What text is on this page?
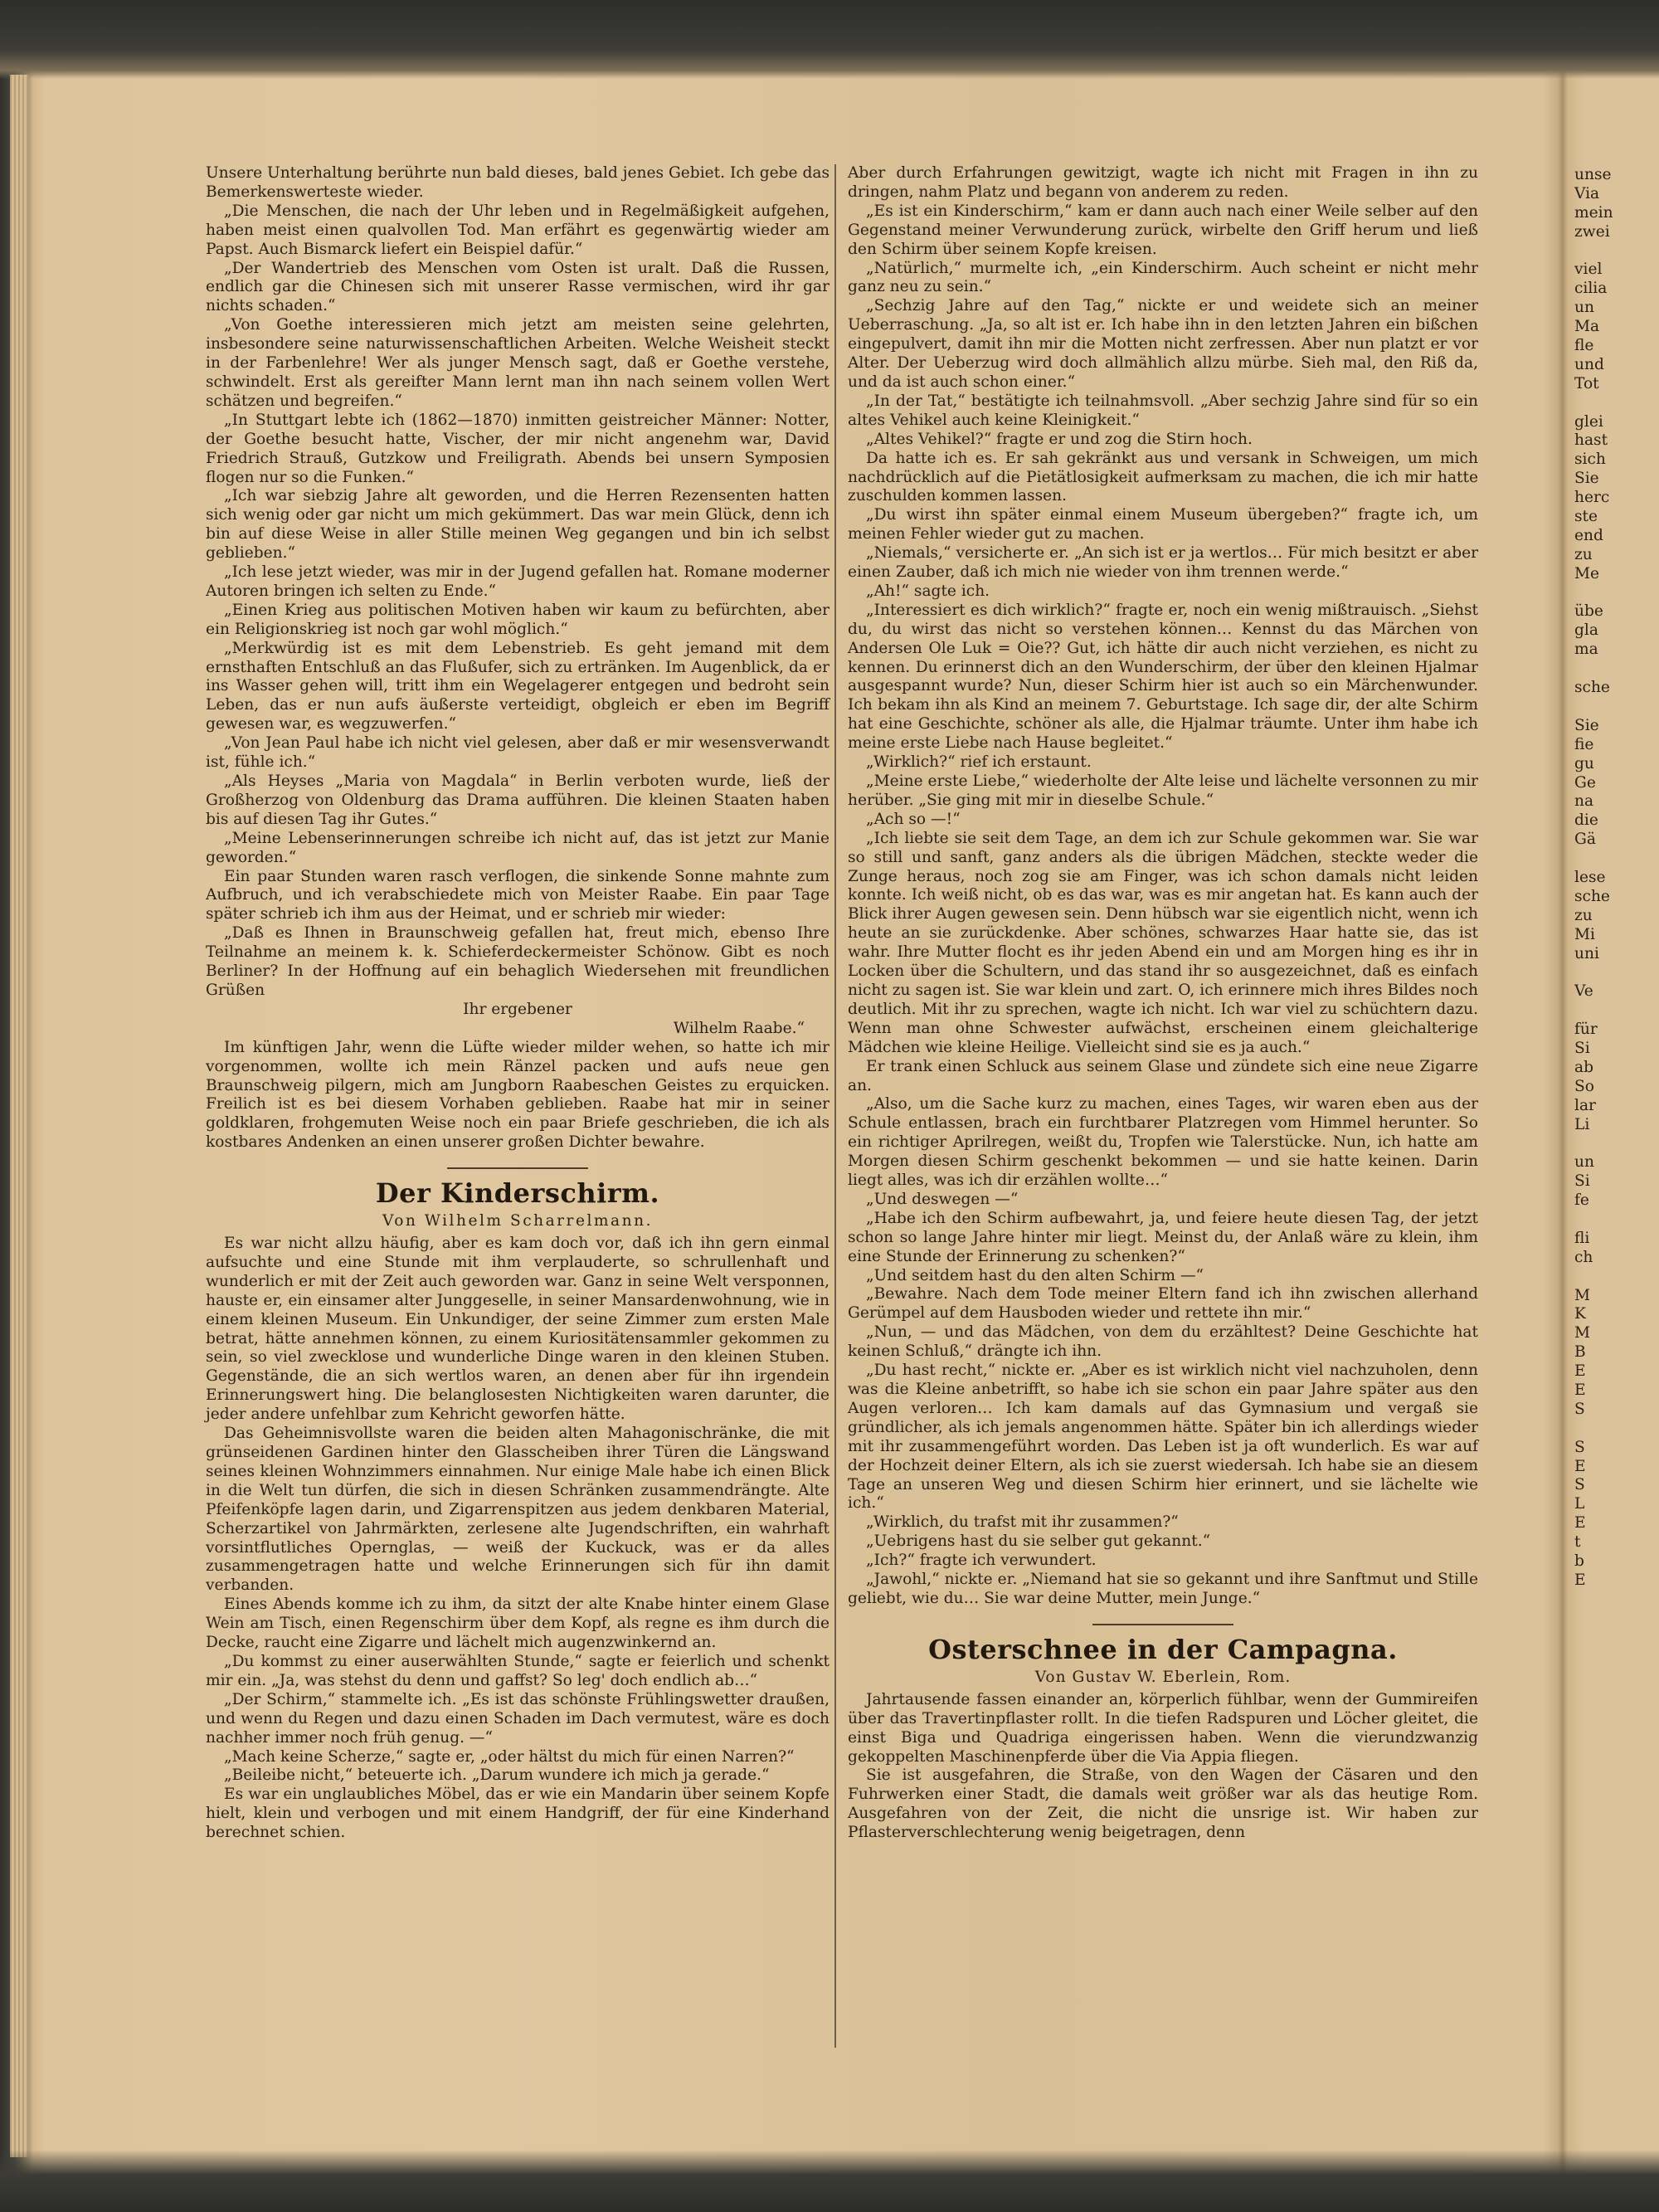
Unsere Unterhaltung berührte nun bald dieses, bald jenes Gebiet. Ich gebe das Bemerkenswerteste wieder.

„Die Menschen, die nach der Uhr leben und in Regelmäßigkeit aufgehen, haben meist einen qualvollen Tod. Man erfährt es gegenwärtig wieder am Papst. Auch Bismarck liefert ein Beispiel dafür.“

„Der Wandertrieb des Menschen vom Osten ist uralt. Daß die Russen, endlich gar die Chinesen sich mit unserer Rasse vermischen, wird ihr gar nichts schaden.“

„Von Goethe interessieren mich jetzt am meisten seine gelehrten, insbesondere seine naturwissenschaftlichen Arbeiten. Welche Weisheit steckt in der Farbenlehre! Wer als junger Mensch sagt, daß er Goethe verstehe, schwindelt. Erst als gereifter Mann lernt man ihn nach seinem vollen Wert schätzen und begreifen.“

„In Stuttgart lebte ich (1862—1870) inmitten geistreicher Männer: Notter, der Goethe besucht hatte, Vischer, der mir nicht angenehm war, David Friedrich Strauß, Gutzkow und Freiligrath. Abends bei unsern Symposien flogen nur so die Funken.“

„Ich war siebzig Jahre alt geworden, und die Herren Rezensenten hatten sich wenig oder gar nicht um mich gekümmert. Das war mein Glück, denn ich bin auf diese Weise in aller Stille meinen Weg gegangen und bin ich selbst geblieben.“

„Ich lese jetzt wieder, was mir in der Jugend gefallen hat. Romane moderner Autoren bringen ich selten zu Ende.“

„Einen Krieg aus politischen Motiven haben wir kaum zu befürchten, aber ein Religionskrieg ist noch gar wohl möglich.“

„Merkwürdig ist es mit dem Lebenstrieb. Es geht jemand mit dem ernsthaften Entschluß an das Flußufer, sich zu ertränken. Im Augenblick, da er ins Wasser gehen will, tritt ihm ein Wegelagerer entgegen und bedroht sein Leben, das er nun aufs äußerste verteidigt, obgleich er eben im Begriff gewesen war, es wegzuwerfen.“

„Von Jean Paul habe ich nicht viel gelesen, aber daß er mir wesensverwandt ist, fühle ich.“

„Als Heyses „Maria von Magdala“ in Berlin verboten wurde, ließ der Großherzog von Oldenburg das Drama aufführen. Die kleinen Staaten haben bis auf diesen Tag ihr Gutes.“

„Meine Lebenserinnerungen schreibe ich nicht auf, das ist jetzt zur Manie geworden.“

Ein paar Stunden waren rasch verflogen, die sinkende Sonne mahnte zum Aufbruch, und ich verabschiedete mich von Meister Raabe. Ein paar Tage später schrieb ich ihm aus der Heimat, und er schrieb mir wieder:

„Daß es Ihnen in Braunschweig gefallen hat, freut mich, ebenso Ihre Teilnahme an meinem k. k. Schieferdeckermeister Schönow. Gibt es noch Berliner? In der Hoffnung auf ein behaglich Wiedersehen mit freundlichen Grüßen

Ihr ergebener

Wilhelm Raabe.“

Im künftigen Jahr, wenn die Lüfte wieder milder wehen, so hatte ich mir vorgenommen, wollte ich mein Ränzel packen und aufs neue gen Braunschweig pilgern, mich am Jungborn Raabeschen Geistes zu erquicken. Freilich ist es bei diesem Vorhaben geblieben. Raabe hat mir in seiner goldklaren, frohgemuten Weise noch ein paar Briefe geschrieben, die ich als kostbares Andenken an einen unserer großen Dichter bewahre.

Der Kinderschirm.

Von Wilhelm Scharrelmann.

Es war nicht allzu häufig, aber es kam doch vor, daß ich ihn gern einmal aufsuchte und eine Stunde mit ihm verplauderte, so schrullenhaft und wunderlich er mit der Zeit auch geworden war. Ganz in seine Welt versponnen, hauste er, ein einsamer alter Junggeselle, in seiner Mansardenwohnung, wie in einem kleinen Museum. Ein Unkundiger, der seine Zimmer zum ersten Male betrat, hätte annehmen können, zu einem Kuriositätensammler gekommen zu sein, so viel zwecklose und wunderliche Dinge waren in den kleinen Stuben. Gegenstände, die an sich wertlos waren, an denen aber für ihn irgendein Erinnerungswert hing. Die belanglosesten Nichtigkeiten waren darunter, die jeder andere unfehlbar zum Kehricht geworfen hätte.

Das Geheimnisvollste waren die beiden alten Mahagonischränke, die mit grünseidenen Gardinen hinter den Glasscheiben ihrer Türen die Längswand seines kleinen Wohnzimmers einnahmen. Nur einige Male habe ich einen Blick in die Welt tun dürfen, die sich in diesen Schränken zusammendrängte. Alte Pfeifenköpfe lagen darin, und Zigarrenspitzen aus jedem denkbaren Material, Scherzartikel von Jahrmärkten, zerlesene alte Jugendschriften, ein wahrhaft vorsintflutliches Opernglas, — weiß der Kuckuck, was er da alles zusammengetragen hatte und welche Erinnerungen sich für ihn damit verbanden.

Eines Abends komme ich zu ihm, da sitzt der alte Knabe hinter einem Glase Wein am Tisch, einen Regenschirm über dem Kopf, als regne es ihm durch die Decke, raucht eine Zigarre und lächelt mich augenzwinkernd an.

„Du kommst zu einer auserwählten Stunde,“ sagte er feierlich und schenkt mir ein. „Ja, was stehst du denn und gaffst? So leg' doch endlich ab…“

„Der Schirm,“ stammelte ich. „Es ist das schönste Frühlingswetter draußen, und wenn du Regen und dazu einen Schaden im Dach vermutest, wäre es doch nachher immer noch früh genug. —“

„Mach keine Scherze,“ sagte er, „oder hältst du mich für einen Narren?“

„Beileibe nicht,“ beteuerte ich. „Darum wundere ich mich ja gerade.“

Es war ein unglaubliches Möbel, das er wie ein Mandarin über seinem Kopfe hielt, klein und verbogen und mit einem Handgriff, der für eine Kinderhand berechnet schien.

Aber durch Erfahrungen gewitzigt, wagte ich nicht mit Fragen in ihn zu dringen, nahm Platz und begann von anderem zu reden.

„Es ist ein Kinderschirm,“ kam er dann auch nach einer Weile selber auf den Gegenstand meiner Verwunderung zurück, wirbelte den Griff herum und ließ den Schirm über seinem Kopfe kreisen.

„Natürlich,“ murmelte ich, „ein Kinderschirm. Auch scheint er nicht mehr ganz neu zu sein.“

„Sechzig Jahre auf den Tag,“ nickte er und weidete sich an meiner Ueberraschung. „Ja, so alt ist er. Ich habe ihn in den letzten Jahren ein bißchen eingepulvert, damit ihn mir die Motten nicht zerfressen. Aber nun platzt er vor Alter. Der Ueberzug wird doch allmählich allzu mürbe. Sieh mal, den Riß da, und da ist auch schon einer.“

„In der Tat,“ bestätigte ich teilnahmsvoll. „Aber sechzig Jahre sind für so ein altes Vehikel auch keine Kleinigkeit.“

„Altes Vehikel?“ fragte er und zog die Stirn hoch.

Da hatte ich es. Er sah gekränkt aus und versank in Schweigen, um mich nachdrücklich auf die Pietätlosigkeit aufmerksam zu machen, die ich mir hatte zuschulden kommen lassen.

„Du wirst ihn später einmal einem Museum übergeben?“ fragte ich, um meinen Fehler wieder gut zu machen.

„Niemals,“ versicherte er. „An sich ist er ja wertlos… Für mich besitzt er aber einen Zauber, daß ich mich nie wieder von ihm trennen werde.“

„Ah!“ sagte ich.

„Interessiert es dich wirklich?“ fragte er, noch ein wenig mißtrauisch. „Siehst du, du wirst das nicht so verstehen können… Kennst du das Märchen von Andersen Ole Luk = Oie?? Gut, ich hätte dir auch nicht verziehen, es nicht zu kennen. Du erinnerst dich an den Wunderschirm, der über den kleinen Hjalmar ausgespannt wurde? Nun, dieser Schirm hier ist auch so ein Märchenwunder. Ich bekam ihn als Kind an meinem 7. Geburtstage. Ich sage dir, der alte Schirm hat eine Geschichte, schöner als alle, die Hjalmar träumte. Unter ihm habe ich meine erste Liebe nach Hause begleitet.“

„Wirklich?“ rief ich erstaunt.

„Meine erste Liebe,“ wiederholte der Alte leise und lächelte versonnen zu mir herüber. „Sie ging mit mir in dieselbe Schule.“

„Ach so —!“

„Ich liebte sie seit dem Tage, an dem ich zur Schule gekommen war. Sie war so still und sanft, ganz anders als die übrigen Mädchen, steckte weder die Zunge heraus, noch zog sie am Finger, was ich schon damals nicht leiden konnte. Ich weiß nicht, ob es das war, was es mir angetan hat. Es kann auch der Blick ihrer Augen gewesen sein. Denn hübsch war sie eigentlich nicht, wenn ich heute an sie zurückdenke. Aber schönes, schwarzes Haar hatte sie, das ist wahr. Ihre Mutter flocht es ihr jeden Abend ein und am Morgen hing es ihr in Locken über die Schultern, und das stand ihr so ausgezeichnet, daß es einfach nicht zu sagen ist. Sie war klein und zart. O, ich erinnere mich ihres Bildes noch deutlich. Mit ihr zu sprechen, wagte ich nicht. Ich war viel zu schüchtern dazu. Wenn man ohne Schwester aufwächst, erscheinen einem gleichalterige Mädchen wie kleine Heilige. Vielleicht sind sie es ja auch.“

Er trank einen Schluck aus seinem Glase und zündete sich eine neue Zigarre an.

„Also, um die Sache kurz zu machen, eines Tages, wir waren eben aus der Schule entlassen, brach ein furchtbarer Platzregen vom Himmel herunter. So ein richtiger Aprilregen, weißt du, Tropfen wie Talerstücke. Nun, ich hatte am Morgen diesen Schirm geschenkt bekommen — und sie hatte keinen. Darin liegt alles, was ich dir erzählen wollte…“

„Und deswegen —“

„Habe ich den Schirm aufbewahrt, ja, und feiere heute diesen Tag, der jetzt schon so lange Jahre hinter mir liegt. Meinst du, der Anlaß wäre zu klein, ihm eine Stunde der Erinnerung zu schenken?“

„Und seitdem hast du den alten Schirm —“

„Bewahre. Nach dem Tode meiner Eltern fand ich ihn zwischen allerhand Gerümpel auf dem Hausboden wieder und rettete ihn mir.“

„Nun, — und das Mädchen, von dem du erzähltest? Deine Geschichte hat keinen Schluß,“ drängte ich ihn.

„Du hast recht,“ nickte er. „Aber es ist wirklich nicht viel nachzuholen, denn was die Kleine anbetrifft, so habe ich sie schon ein paar Jahre später aus den Augen verloren… Ich kam damals auf das Gymnasium und vergaß sie gründlicher, als ich jemals angenommen hätte. Später bin ich allerdings wieder mit ihr zusammengeführt worden. Das Leben ist ja oft wunderlich. Es war auf der Hochzeit deiner Eltern, als ich sie zuerst wiedersah. Ich habe sie an diesem Tage an unseren Weg und diesen Schirm hier erinnert, und sie lächelte wie ich.“

„Wirklich, du trafst mit ihr zusammen?“

„Uebrigens hast du sie selber gut gekannt.“

„Ich?“ fragte ich verwundert.

„Jawohl,“ nickte er. „Niemand hat sie so gekannt und ihre Sanftmut und Stille geliebt, wie du… Sie war deine Mutter, mein Junge.“

Osterschnee in der Campagna.

Von Gustav W. Eberlein, Rom.

Jahrtausende fassen einander an, körperlich fühlbar, wenn der Gummireifen über das Travertinpflaster rollt. In die tiefen Radspuren und Löcher gleitet, die einst Biga und Quadriga eingerissen haben. Wenn die vierundzwanzig gekoppelten Maschinenpferde über die Via Appia fliegen.

Sie ist ausgefahren, die Straße, von den Wagen der Cäsaren und den Fuhrwerken einer Stadt, die damals weit größer war als das heutige Rom. Ausgefahren von der Zeit, die nicht die unsrige ist. Wir haben zur Pflasterverschlechterung wenig beigetragen, denn

unse
Via
mein
zwei
viel
cilia
un
Ma
fle
und
Tot
glei
hast
sich
Sie
herc
ste
end
zu
Me
übe
gla
ma
sche
Sie
fie
gu
Ge
na
die
Gä
lese
sche
zu
Mi
uni
Ve
für
Si
ab
So
lar
Li
un
Si
fe
fli
ch
M
K
M
B
E
E
S
S
E
S
L
E
t
b
E
